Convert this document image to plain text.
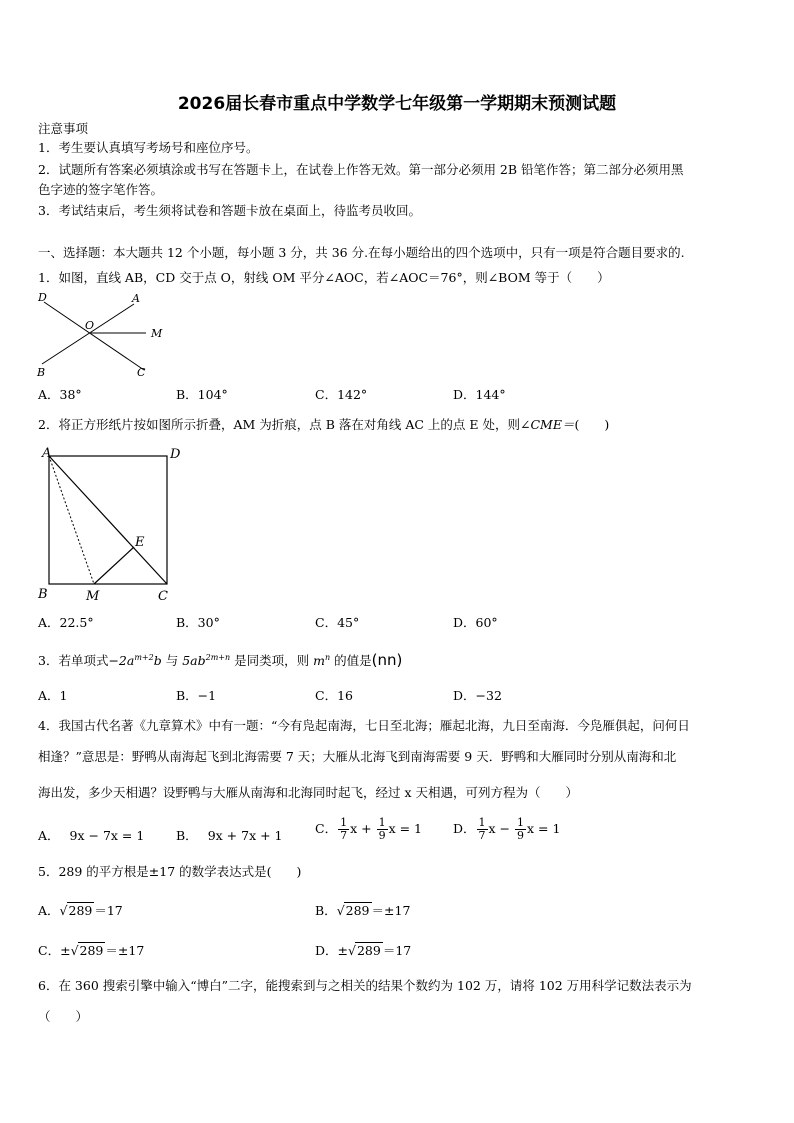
2026届长春市重点中学数学七年级第一学期期末预测试题
注意事项
1．考生要认真填写考场号和座位序号。
2．试题所有答案必须填涂或书写在答题卡上，在试卷上作答无效。第一部分必须用 2B 铅笔作答；第二部分必须用黑
色字迹的签字笔作答。
3．考试结束后，考生须将试卷和答题卡放在桌面上，待监考员收回。
一、选择题：本大题共 12 个小题，每小题 3 分，共 36 分.在每小题给出的四个选项中，只有一项是符合题目要求的.
1．如图，直线 AB，CD 交于点 O，射线 OM 平分∠AOC，若∠AOC＝76°，则∠BOM 等于（　　）
D	A
O
M
B	C
A．38°	B．104°	C．142°	D．144°
2．将正方形纸片按如图所示折叠，AM 为折痕，点 B 落在对角线 AC 上的点 E 处，则∠CME＝(　　)
A	D
E
B	M	C
A．22.5°	B．30°	C．45°	D．60°
3．若单项式$-2a^{m+2}b$ 与 $5ab^{2m+n}$ 是同类项，则 $m^n$ 的值是(nn)
A．1	B．−1	C．16	D．−32
4．我国古代名著《九章算术》中有一题：“今有凫起南海，七日至北海；雁起北海，九日至南海．今凫雁俱起，问何日
相逢？”意思是：野鸭从南海起飞到北海需要 7 天；大雁从北海飞到南海需要 9 天．野鸭和大雁同时分别从南海和北
海出发，多少天相遇？设野鸭与大雁从南海和北海同时起飞，经过 x 天相遇，可列方程为（　　）
A． 9x − 7x = 1	B． 9x + 7x + 1	C． $\frac{1}{7}$ $x + \frac{1}{9}$ x = 1 D． $\frac{1}{7}$ $x - \frac{1}{9}$ x = 1
5．289 的平方根是±17 的数学表达式是(　　)
A．√289 ＝17	B．√289 ＝±17
C．±√289 ＝±17	D．±√289 ＝17
6．在 360 搜索引擎中输入“博白”二字，能搜索到与之相关的结果个数约为 102 万，请将 102 万用科学记数法表示为
（　　）
